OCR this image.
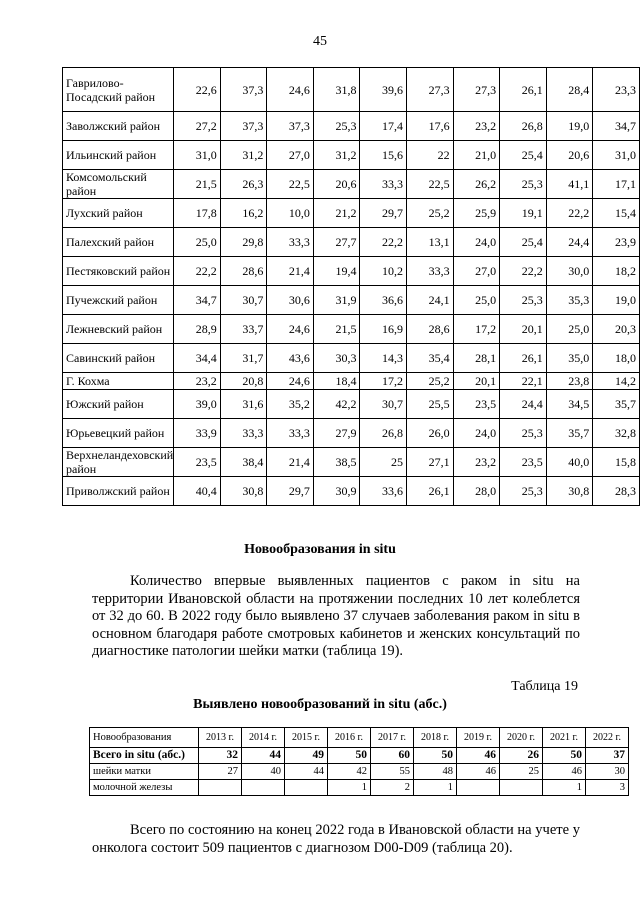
45
Гаврилово-Посадский район	22,6	37,3	24,6	31,8	39,6	27,3	27,3	26,1	28,4	23,3
Заволжский район	27,2	37,3	37,3	25,3	17,4	17,6	23,2	26,8	19,0	34,7
Ильинский район	31,0	31,2	27,0	31,2	15,6	22	21,0	25,4	20,6	31,0
Комсомольский район	21,5	26,3	22,5	20,6	33,3	22,5	26,2	25,3	41,1	17,1
Лухский район	17,8	16,2	10,0	21,2	29,7	25,2	25,9	19,1	22,2	15,4
Палехский район	25,0	29,8	33,3	27,7	22,2	13,1	24,0	25,4	24,4	23,9
Пестяковский район	22,2	28,6	21,4	19,4	10,2	33,3	27,0	22,2	30,0	18,2
Пучежский район	34,7	30,7	30,6	31,9	36,6	24,1	25,0	25,3	35,3	19,0
Лежневский район	28,9	33,7	24,6	21,5	16,9	28,6	17,2	20,1	25,0	20,3
Савинский район	34,4	31,7	43,6	30,3	14,3	35,4	28,1	26,1	35,0	18,0
Г. Кохма	23,2	20,8	24,6	18,4	17,2	25,2	20,1	22,1	23,8	14,2
Южский район	39,0	31,6	35,2	42,2	30,7	25,5	23,5	24,4	34,5	35,7
Юрьевецкий район	33,9	33,3	33,3	27,9	26,8	26,0	24,0	25,3	35,7	32,8
Верхнеландеховский район	23,5	38,4	21,4	38,5	25	27,1	23,2	23,5	40,0	15,8
Приволжский район	40,4	30,8	29,7	30,9	33,6	26,1	28,0	25,3	30,8	28,3
Новообразования in situ

Количество впервые выявленных пациентов с раком in situ на территории Ивановской области на протяжении последних 10 лет колеблется от 32 до 60. В 2022 году было выявлено 37 случаев заболевания раком in situ в основном благодаря работе смотровых кабинетов и женских консультаций по диагностике патологии шейки матки (таблица 19).

Таблица 19
Выявлено новообразований in situ (абс.)
Новообразования	2013 г.	2014 г.	2015 г.	2016 г.	2017 г.	2018 г.	2019 г.	2020 г.	2021 г.	2022 г.
Всего in situ (абс.)	32	44	49	50	60	50	46	26	50	37
шейки матки	27	40	44	42	55	48	46	25	46	30
молочной железы				1	2	1			1	3

Всего по состоянию на конец 2022 года в Ивановской области на учете у онколога состоит 509 пациентов с диагнозом D00-D09 (таблица 20).
